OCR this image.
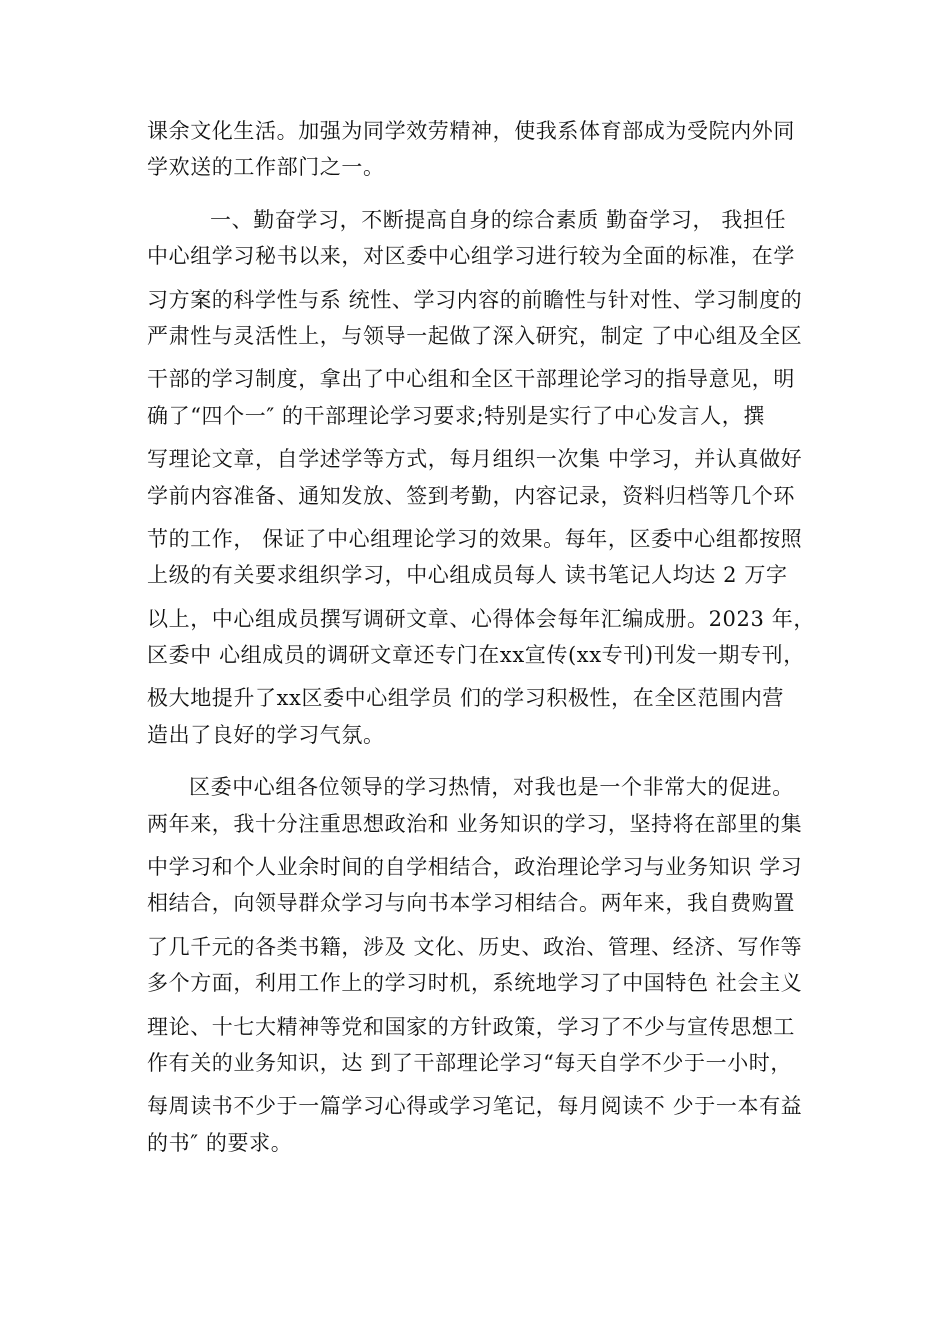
课余文化生活。加强为同学效劳精神，使我系体育部成为受院内外同
学欢送的工作部门之一。
一、勤奋学习，不断提高自身的综合素质 勤奋学习， 我担任
中心组学习秘书以来，对区委中心组学习进行较为全面的标准，在学
习方案的科学性与系 统性、学习内容的前瞻性与针对性、学习制度的
严肃性与灵活性上，与领导一起做了深入研究，制定 了中心组及全区
干部的学习制度，拿出了中心组和全区干部理论学习的指导意见，明
确了“四个一″ 的干部理论学习要求;特别是实行了中心发言人，撰
写理论文章，自学述学等方式，每月组织一次集 中学习，并认真做好
学前内容准备、通知发放、签到考勤，内容记录，资料归档等几个环
节的工作， 保证了中心组理论学习的效果。每年，区委中心组都按照
上级的有关要求组织学习，中心组成员每人 读书笔记人均达 2 万字
以上，中心组成员撰写调研文章、心得体会每年汇编成册。2023 年，
区委中 心组成员的调研文章还专门在xx宣传(xx专刊)刊发一期专刊，
极大地提升了xx区委中心组学员 们的学习积极性，在全区范围内营
造出了良好的学习气氛。
区委中心组各位领导的学习热情，对我也是一个非常大的促进。
两年来，我十分注重思想政治和 业务知识的学习，坚持将在部里的集
中学习和个人业余时间的自学相结合，政治理论学习与业务知识 学习
相结合，向领导群众学习与向书本学习相结合。两年来，我自费购置
了几千元的各类书籍，涉及 文化、历史、政治、管理、经济、写作等
多个方面，利用工作上的学习时机，系统地学习了中国特色 社会主义
理论、十七大精神等党和国家的方针政策，学习了不少与宣传思想工
作有关的业务知识，达 到了干部理论学习“每天自学不少于一小时，
每周读书不少于一篇学习心得或学习笔记，每月阅读不 少于一本有益
的书″ 的要求。
